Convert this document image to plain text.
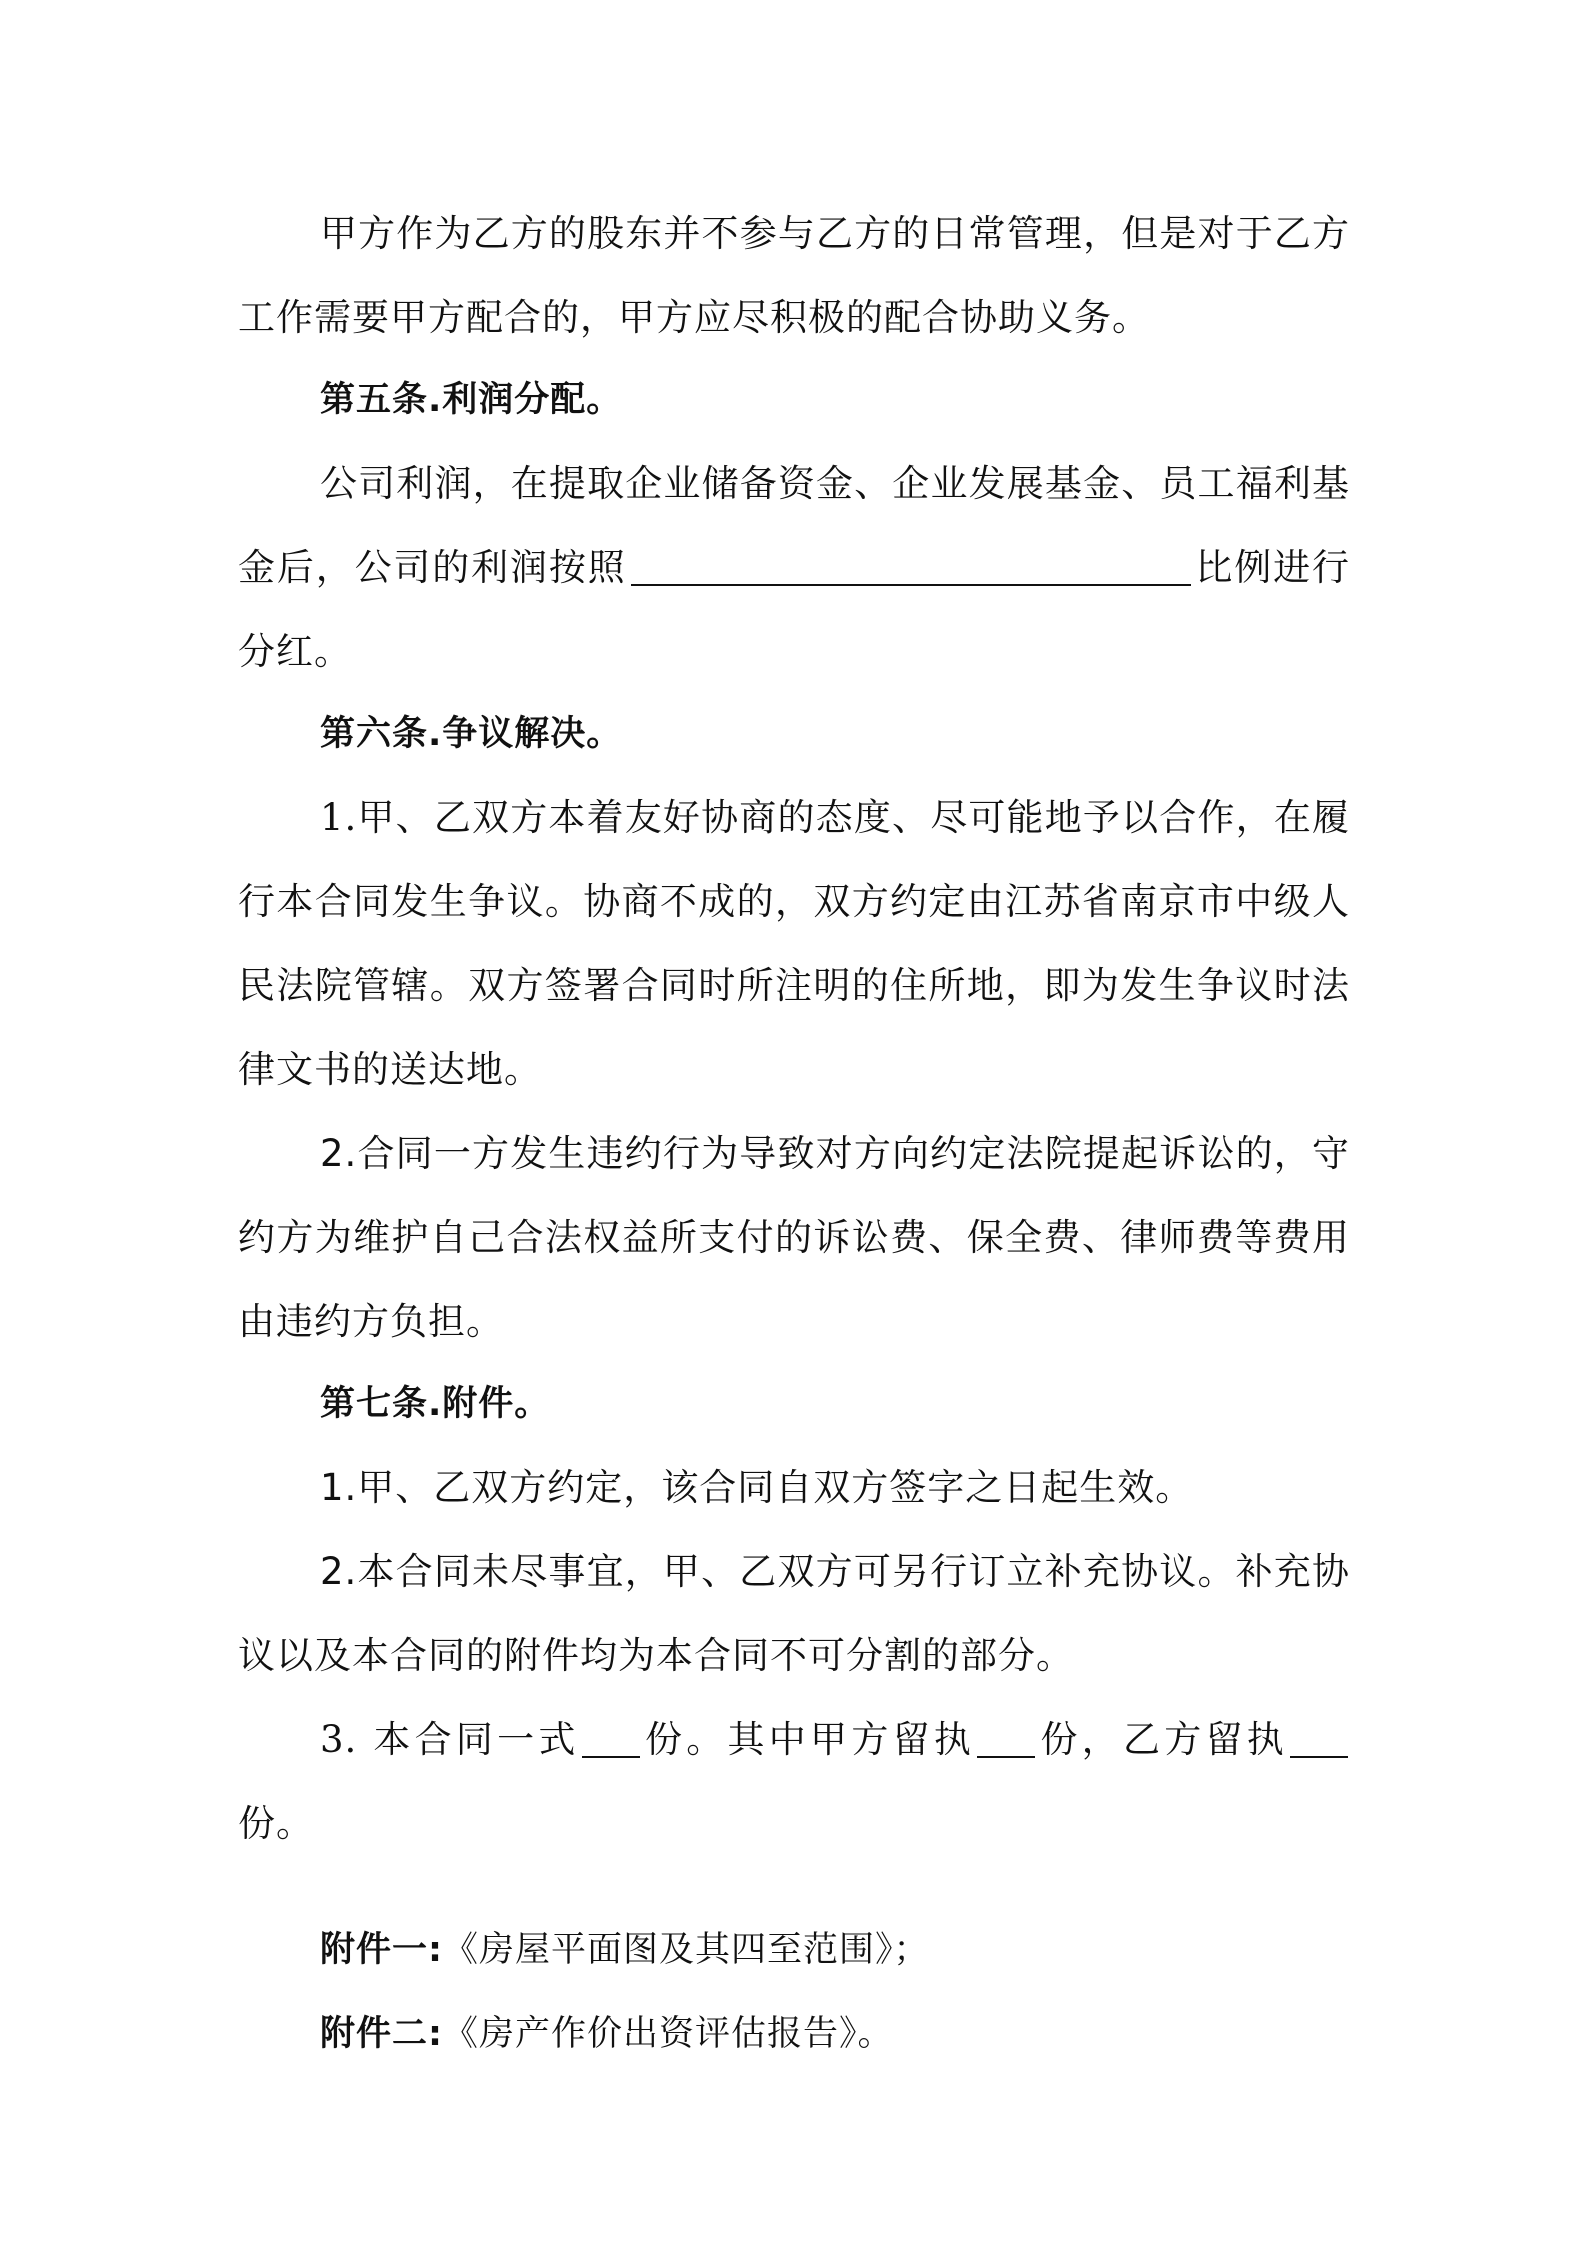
甲方作为乙方的股东并不参与乙方的日常管理，但是对于乙方工作需要甲方配合的，甲方应尽积极的配合协助义务。

第五条.利润分配。

公司利润，在提取企业储备资金、企业发展基金、员工福利基金后，公司的利润按照	比例进行分红。

第六条.争议解决。

1.甲、乙双方本着友好协商的态度、尽可能地予以合作，在履行本合同发生争议。协商不成的，双方约定由江苏省南京市中级人民法院管辖。双方签署合同时所注明的住所地，即为发生争议时法律文书的送达地。

2.合同一方发生违约行为导致对方向约定法院提起诉讼的，守约方为维护自己合法权益所支付的诉讼费、保全费、律师费等费用由违约方负担。

第七条.附件。

1.甲、乙双方约定，该合同自双方签字之日起生效。

2.本合同未尽事宜，甲、乙双方可另行订立补充协议。补充协议以及本合同的附件均为本合同不可分割的部分。

3. 本合同一式 份。其中甲方留执 份，乙方留执份。

附件一:《房屋平面图及其四至范围》；

附件二:《房产作价出资评估报告》。
